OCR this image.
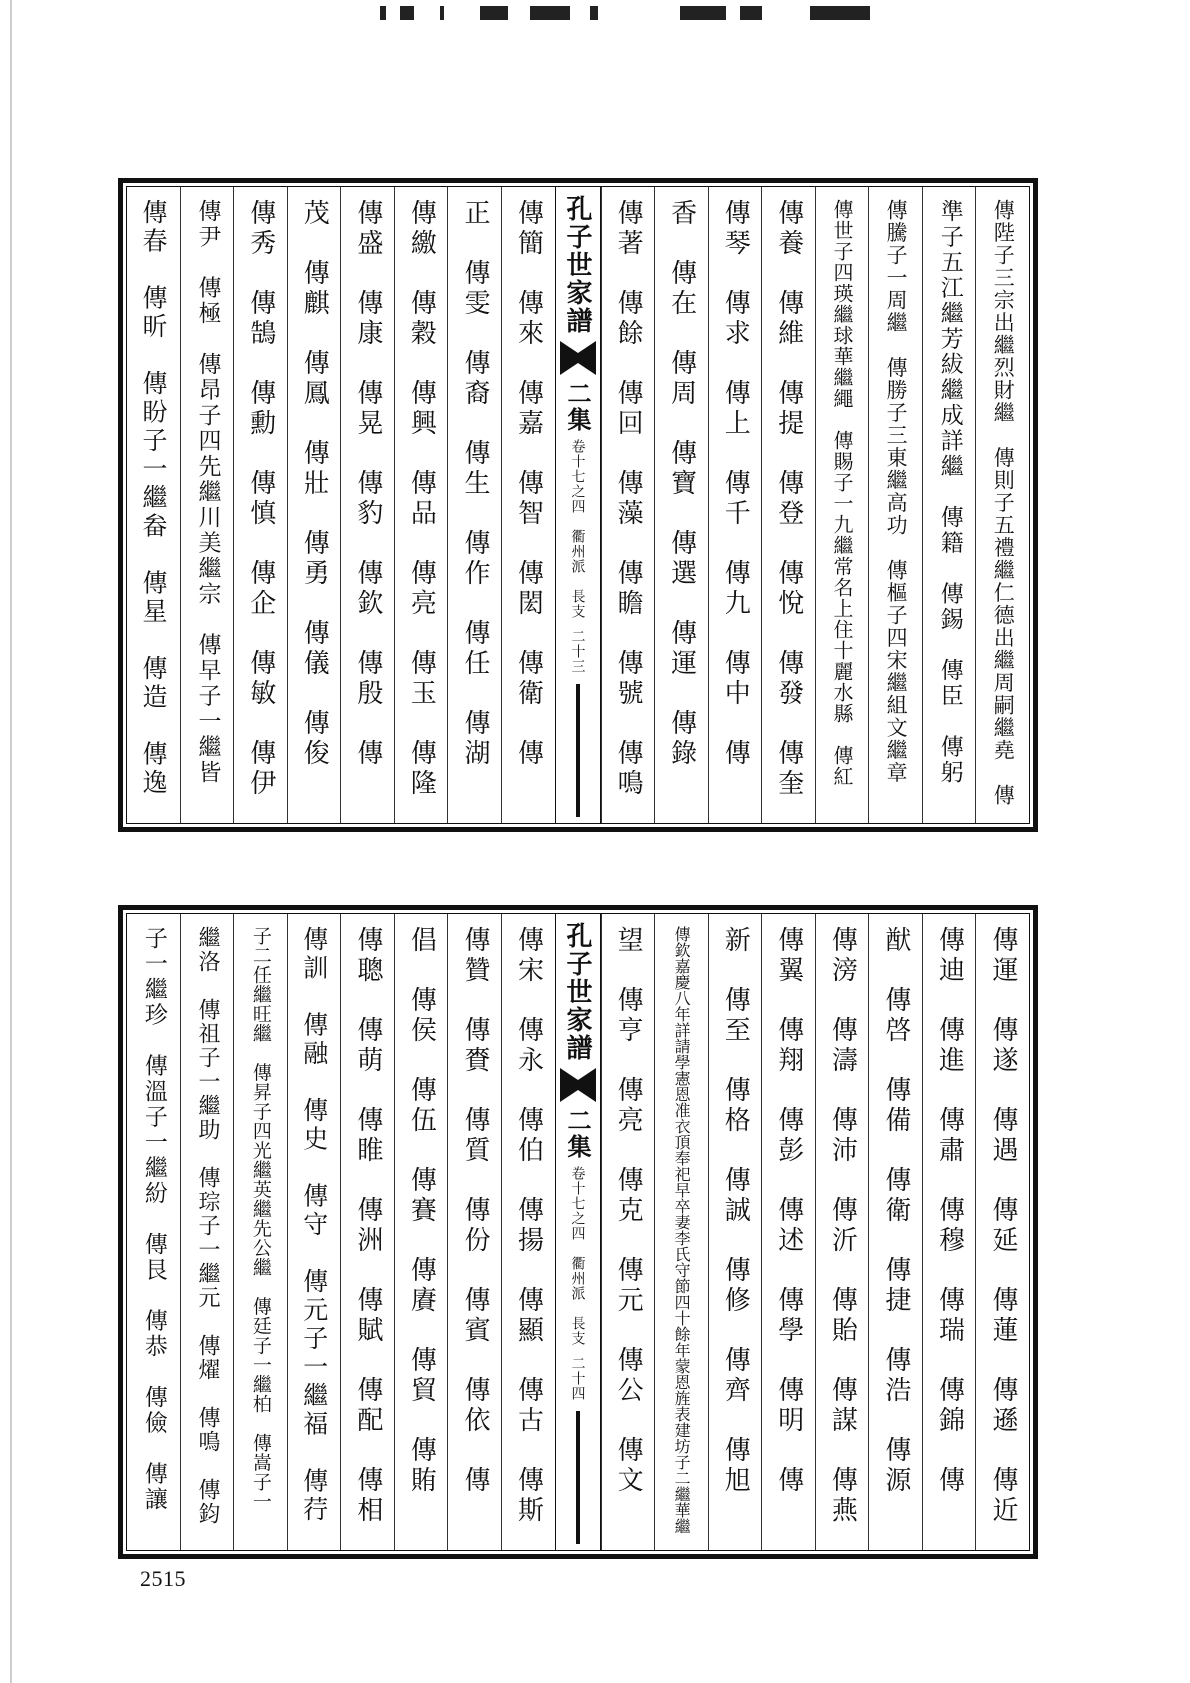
傳陛子三宗出繼烈財繼　傳則子五禮繼仁德出繼周嗣繼堯　傳
準子五江繼芳紱繼成詳繼　傳籍　傳錫　傳臣　傳躬
傳騰子一周繼　傳勝子三東繼高功　傳樞子四宋繼組文繼章
傳世子四瑛繼球華繼繩　傳賜子一九繼常名上住十麗水縣　傳紅
傳養　傳維　傳提　傳登　傳悅　傳發　傳奎
傳琴　傳求　傳上　傳千　傳九　傳中　傳
香　傳在　傳周　傳寶　傳選　傳運　傳錄
傳著　傳餘　傳回　傳藻　傳瞻　傳號　傳鳴
孔子世家譜
二集
卷十七之四　衢州派　長支
二十三
傳簡　傳來　傳嘉　傳智　傳閎　傳衛　傳
正　傳雯　傳裔　傳生　傳作　傳任　傳湖
傳繳　傳穀　傳興　傳品　傳亮　傳玉　傳隆
傳盛　傳康　傳晃　傳豹　傳欽　傳殷　傳
茂　傳麒　傳鳳　傳壯　傳勇　傳儀　傳俊
傳秀　傳鵠　傳勳　傳慎　傳企　傳敏　傳伊
傳尹　傳極　傳昂子四先繼川美繼宗　傳早子一繼皆
傳春　傳昕　傳盼子一繼畚　傳星　傳造　傳逸
傳運　傳遂　傳遇　傳延　傳蓮　傳遜　傳近
傳迪　傳進　傳肅　傳穆　傳瑞　傳錦　傳
猷　傳啓　傳備　傳衛　傳捷　傳浩　傳源
傳滂　傳濤　傳沛　傳沂　傳貽　傳謀　傳燕
傳翼　傳翔　傳彭　傳述　傳學　傳明　傳
新　傳至　傳格　傳誠　傳修　傳齊　傳旭
傳欽嘉慶八年詳請學憲恩准衣頂奉祀早卒妻李氏守節四十餘年蒙恩旌表建坊子二繼華繼
望　傳亨　傳亮　傳克　傳元　傳公　傳文
孔子世家譜
二集
卷十七之四　衢州派　長支
二十四
傳宋　傳永　傳伯　傳揚　傳顯　傳古　傳斯
傳贊　傳賚　傳質　傳份　傳賓　傳依　傳
倡　傳侯　傳伍　傳賽　傳賡　傳貿　傳賄
傳聰　傳萌　傳睢　傳洲　傳賦　傳配　傳相
傳訓　傳融　傳史　傳守　傳元子一繼福　傳荇
子二任繼旺繼　傳昇子四光繼英繼先公繼　傳廷子一繼柏　傳嵩子一
繼洛　傳祖子一繼助　傳琮子一繼元　傳燿　傳鳴　傳鈞
子一繼珍　傳溫子一繼紛　傳艮　傳恭　傳儉　傳讓
2515
